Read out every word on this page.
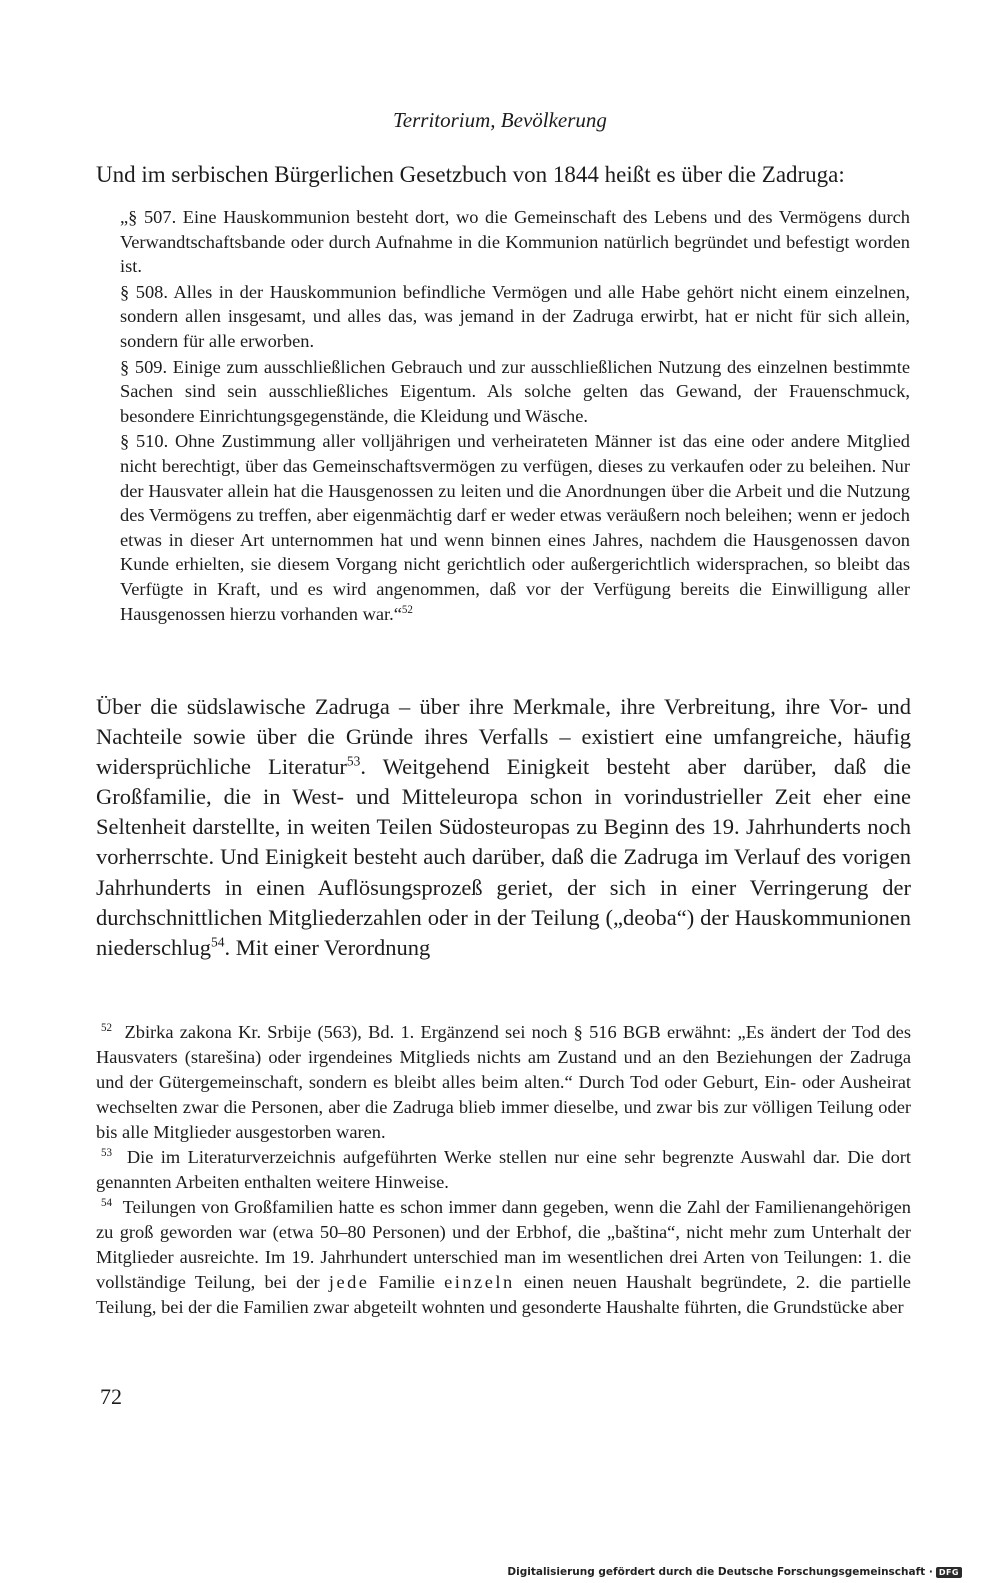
Territorium, Bevölkerung
Und im serbischen Bürgerlichen Gesetzbuch von 1844 heißt es über die Zadruga:

„§ 507. Eine Hauskommunion besteht dort, wo die Gemeinschaft des Lebens und des Vermögens durch Verwandtschaftsbande oder durch Aufnahme in die Kommunion natürlich begründet und befestigt worden ist.

§ 508. Alles in der Hauskommunion befindliche Vermögen und alle Habe gehört nicht einem einzelnen, sondern allen insgesamt, und alles das, was jemand in der Zadruga erwirbt, hat er nicht für sich allein, sondern für alle erworben.

§ 509. Einige zum ausschließlichen Gebrauch und zur ausschließlichen Nutzung des einzelnen bestimmte Sachen sind sein ausschließliches Eigentum. Als solche gelten das Gewand, der Frauenschmuck, besondere Einrichtungsgegenstände, die Kleidung und Wäsche.

§ 510. Ohne Zustimmung aller volljährigen und verheirateten Männer ist das eine oder andere Mitglied nicht berechtigt, über das Gemeinschaftsvermögen zu verfügen, dieses zu verkaufen oder zu beleihen. Nur der Hausvater allein hat die Hausgenossen zu leiten und die Anordnungen über die Arbeit und die Nutzung des Vermögens zu treffen, aber eigenmächtig darf er weder etwas veräußern noch beleihen; wenn er jedoch etwas in dieser Art unternommen hat und wenn binnen eines Jahres, nachdem die Hausgenossen davon Kunde erhielten, sie diesem Vorgang nicht gerichtlich oder außergerichtlich widersprachen, so bleibt das Verfügte in Kraft, und es wird angenommen, daß vor der Verfügung bereits die Einwilligung aller Hausgenossen hierzu vorhanden war.“$^{52}$

Über die südslawische Zadruga – über ihre Merkmale, ihre Verbreitung, ihre Vor- und Nachteile sowie über die Gründe ihres Verfalls – existiert eine umfangreiche, häufig widersprüchliche Literatur$^{53}$. Weitgehend Einigkeit besteht aber darüber, daß die Großfamilie, die in West- und Mitteleuropa schon in vorindustrieller Zeit eher eine Seltenheit darstellte, in weiten Teilen Südosteuropas zu Beginn des 19. Jahrhunderts noch vorherrschte. Und Einigkeit besteht auch darüber, daß die Zadruga im Verlauf des vorigen Jahrhunderts in einen Auflösungsprozeß geriet, der sich in einer Verringerung der durchschnittlichen Mitgliederzahlen oder in der Teilung („deoba“) der Hauskommunionen niederschlug$^{54}$. Mit einer Verordnung

$^{52}$ Zbirka zakona Kr. Srbije (563), Bd. 1. Ergänzend sei noch § 516 BGB erwähnt: „Es ändert der Tod des Hausvaters (starešina) oder irgendeines Mitglieds nichts am Zustand und an den Beziehungen der Zadruga und der Gütergemeinschaft, sondern es bleibt alles beim alten.“ Durch Tod oder Geburt, Ein- oder Ausheirat wechselten zwar die Personen, aber die Zadruga blieb immer dieselbe, und zwar bis zur völligen Teilung oder bis alle Mitglieder ausgestorben waren.

$^{53}$ Die im Literaturverzeichnis aufgeführten Werke stellen nur eine sehr begrenzte Auswahl dar. Die dort genannten Arbeiten enthalten weitere Hinweise.

$^{54}$ Teilungen von Großfamilien hatte es schon immer dann gegeben, wenn die Zahl der Familienangehörigen zu groß geworden war (etwa 50–80 Personen) und der Erbhof, die „baština“, nicht mehr zum Unterhalt der Mitglieder ausreichte. Im 19. Jahrhundert unterschied man im wesentlichen drei Arten von Teilungen: 1. die vollständige Teilung, bei der jede Familie einzeln einen neuen Haushalt begründete, 2. die partielle Teilung, bei der die Familien zwar abgeteilt wohnten und gesonderte Haushalte führten, die Grundstücke aber

72
Digitalisierung gefördert durch die Deutsche Forschungsgemeinschaft · DFG
